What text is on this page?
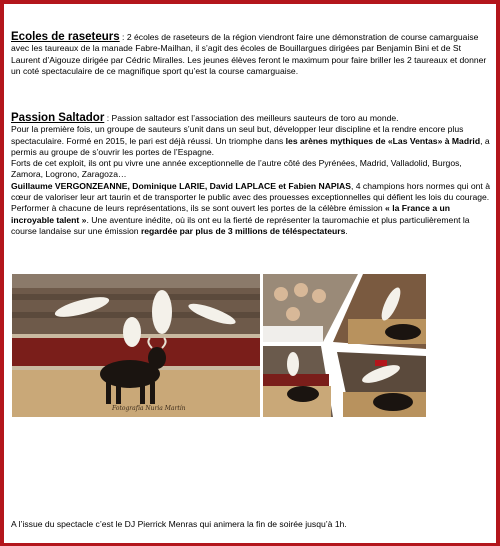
Ecoles de raseteurs : 2 écoles de raseteurs de la région viendront faire une démonstration de course camarguaise avec les taureaux de la manade Fabre-Mailhan, il s’agit des écoles de Bouillargues dirigées par Benjamin Bini et de St Laurent d’Aigouze dirigée par Cédric Miralles. Les jeunes élèves feront le maximum pour faire briller les 2 taureaux et donner un coté spectaculaire de ce magnifique sport qu’est la course camarguaise.
Passion Saltador : Passion saltador est l’association des meilleurs sauteurs de toro au monde.
Pour la première fois, un groupe de sauteurs s’unit dans un seul but, développer leur discipline et la rendre encore plus spectaculaire. Formé en 2015, le pari est déjà réussi. Un triomphe dans les arènes mythiques de «Las Ventas» à Madrid, a permis au groupe de s’ouvrir les portes de l’Espagne.
Forts de cet exploit, ils ont pu vivre une année exceptionnelle de l’autre côté des Pyrénées, Madrid, Valladolid, Burgos, Zamora, Logrono, Zaragoza…
Guillaume VERGONZEANNE, Dominique LARIE, David LAPLACE et Fabien NAPIAS, 4 champions hors normes qui ont à cœur de valoriser leur art taurin et de transporter le public avec des prouesses exceptionnelles qui défient les lois du courage.
Performer à chacune de leurs représentations, ils se sont ouvert les portes de la célèbre émission « la France a un incroyable talent ». Une aventure inédite, où ils ont eu la fierté de représenter la tauromachie et plus particulièrement la course landaise sur une émission regardée par plus de 3 millions de téléspectateurs.
Fotografía Nuria Martín
A l’issue du spectacle c’est le DJ Pierrick Menras qui animera la fin de soirée jusqu’à 1h.
